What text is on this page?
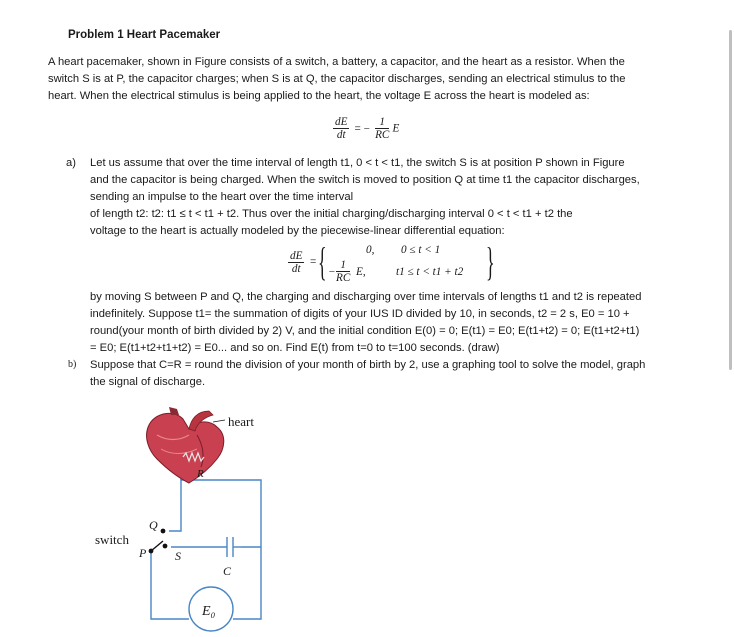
Problem 1 Heart Pacemaker
A heart pacemaker, shown in Figure consists of a switch, a battery, a capacitor, and the heart as a resistor. When the
switch S is at P, the capacitor charges; when S is at Q, the capacitor discharges, sending an electrical stimulus to the
heart. When the electrical stimulus is being applied to the heart, the voltage E across the heart is modeled as:
$\frac{dE}{dt}$ = − $\frac{1}{RC}$ E
a) Let us assume that over the time interval of length t1, 0 < t < t1, the switch S is at position P shown in Figure
and the capacitor is being charged. When the switch is moved to position Q at time t1 the capacitor discharges,
sending an impulse to the heart over the time interval
of length t2: t2: t1 ≤ t < t1 + t2. Thus over the initial charging/discharging interval 0 < t < t1 + t2 the
voltage to the heart is actually modeled by the piecewise-linear differential equation:
$\frac{dE}{dt}$ = {	0, 0 ≤ t < 1
− $\frac{1}{RC} E$,	t1 ≤ t < t1 + t2 }
by moving S between P and Q, the charging and discharging over time intervals of lengths t1 and t2 is repeated
indefinitely. Suppose t1= the summation of digits of your IUS ID divided by 10, in seconds, t2 = 2 s, E0 = 10 +
round(your month of birth divided by 2) V, and the initial condition E(0) = 0; E(t1) = E0; E(t1+t2) = 0; E(t1+t2+t1)
= E0; E(t1+t2+t1+t2) = E0... and so on. Find E(t) from t=0 to t=100 seconds. (draw)
b) Suppose that C=R = round the division of your month of birth by 2, use a graphing tool to solve the model, graph
the signal of discharge.
heart
R
switch
Q
P S
C
E₀
